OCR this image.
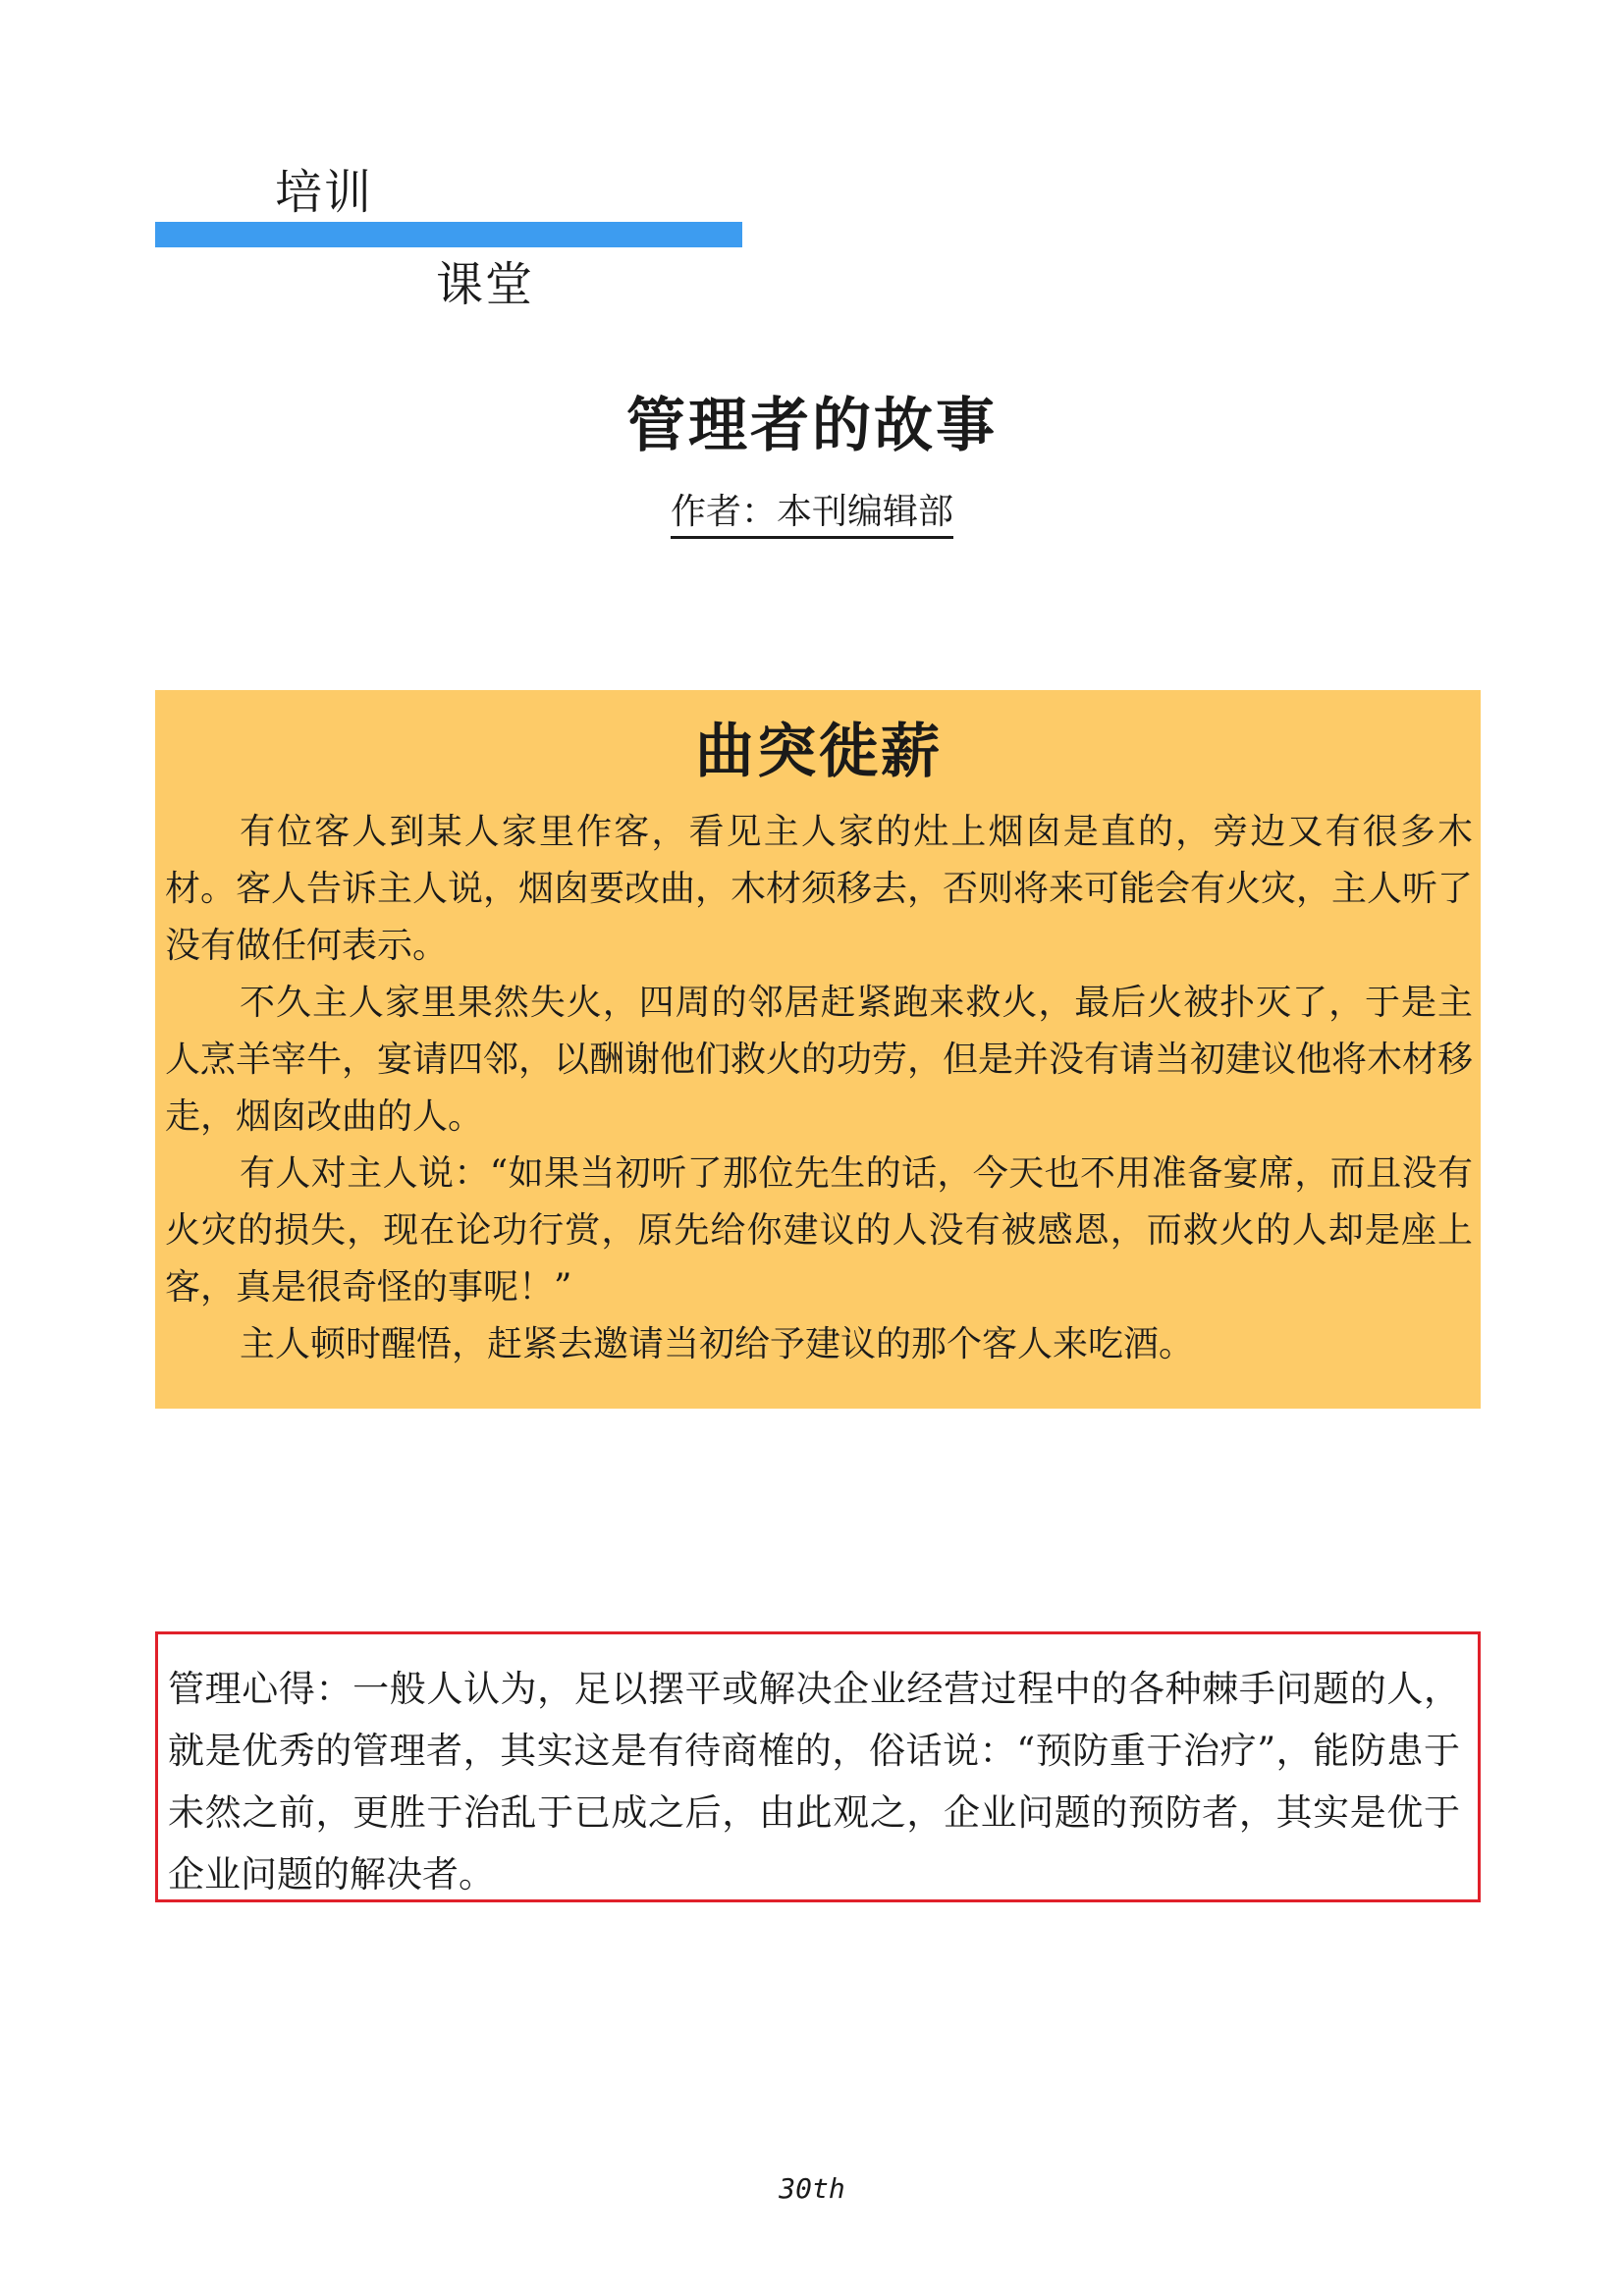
培训
课堂
管理者的故事
作者：本刊编辑部
曲突徙薪

有位客人到某人家里作客，看见主人家的灶上烟囱是直的，旁边又有很多木材。客人告诉主人说，烟囱要改曲，木材须移去，否则将来可能会有火灾，主人听了没有做任何表示。

不久主人家里果然失火，四周的邻居赶紧跑来救火，最后火被扑灭了，于是主人烹羊宰牛，宴请四邻，以酬谢他们救火的功劳，但是并没有请当初建议他将木材移走，烟囱改曲的人。

有人对主人说：“如果当初听了那位先生的话，今天也不用准备宴席，而且没有火灾的损失，现在论功行赏，原先给你建议的人没有被感恩，而救火的人却是座上客，真是很奇怪的事呢！”

主人顿时醒悟，赶紧去邀请当初给予建议的那个客人来吃酒。

管理心得：一般人认为，足以摆平或解决企业经营过程中的各种棘手问题的人，就是优秀的管理者，其实这是有待商榷的，俗话说：“预防重于治疗”，能防患于未然之前，更胜于治乱于已成之后，由此观之，企业问题的预防者，其实是优于企业问题的解决者。

30th
